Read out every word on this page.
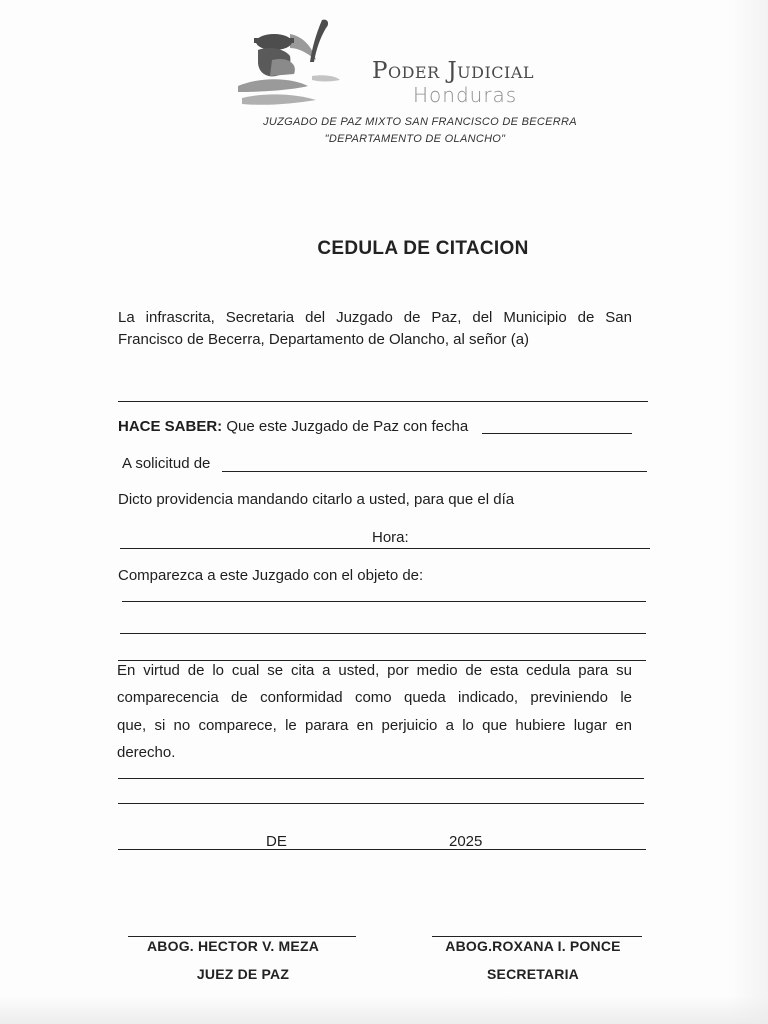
Poder Judicial
Honduras
JUZGADO DE PAZ MIXTO SAN FRANCISCO DE BECERRA
"DEPARTAMENTO DE OLANCHO"
CEDULA DE CITACION
La infrascrita, Secretaria del Juzgado de Paz, del Municipio de San
Francisco de Becerra, Departamento de Olancho, al señor (a)
HACE SABER: Que este Juzgado de Paz con fecha
A solicitud de
Dicto providencia mandando citarlo a usted, para que el día
Hora:
Comparezca a este Juzgado con el objeto de:
En virtud de lo cual se cita a usted, por medio de esta cedula para su
comparecencia de conformidad como queda indicado, previniendo le
que, si no comparece, le parara en perjuicio a lo que hubiere lugar en
derecho.
DE	2025
ABOG. HECTOR V. MEZA
JUEZ DE PAZ
ABOG.ROXANA I. PONCE
SECRETARIA
